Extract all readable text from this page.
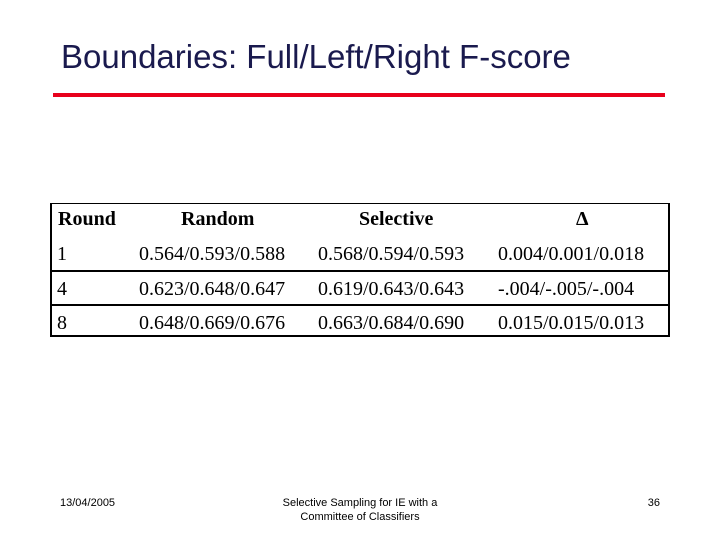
Boundaries: Full/Left/Right F-score
Round	Random	Selective	Δ
1	0.564/0.593/0.588 0.568/0.594/0.593 0.004/0.001/0.018
4	0.623/0.648/0.647 0.619/0.643/0.643 -.004/-.005/-.004
8	0.648/0.669/0.676 0.663/0.684/0.690 0.015/0.015/0.013
13/04/2005	Selective Sampling for IE with a
Committee of Classifiers
36
